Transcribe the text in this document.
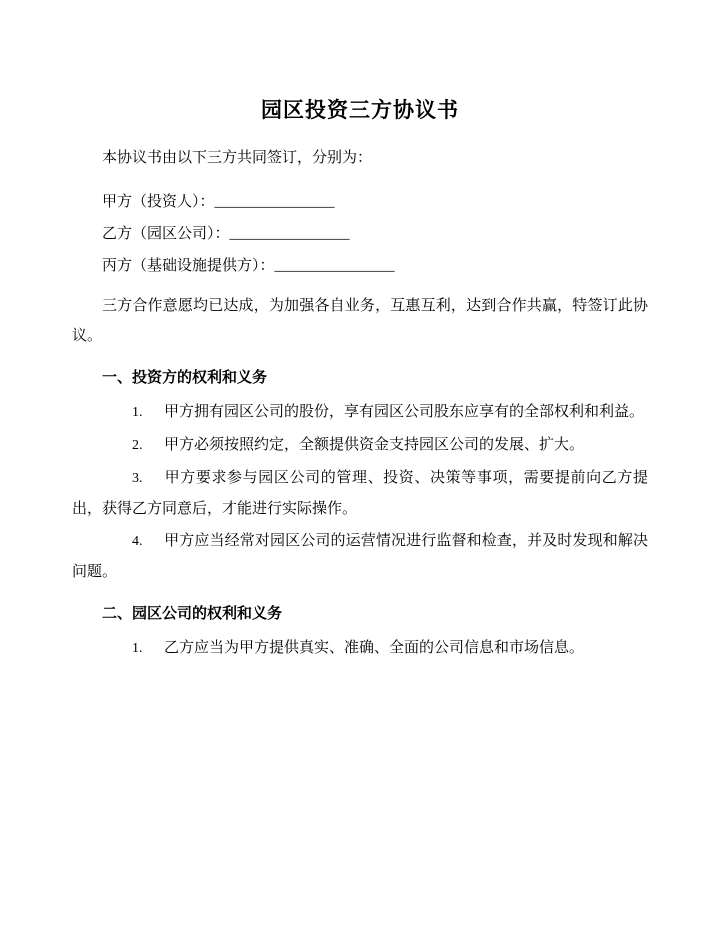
园区投资三方协议书

本协议书由以下三方共同签订，分别为：

甲方（投资人）：________________

乙方（园区公司）：________________

丙方（基础设施提供方）：________________

三方合作意愿均已达成，为加强各自业务，互惠互利，达到合作共赢，特签订此协议。

一、投资方的权利和义务

1. 甲方拥有园区公司的股份，享有园区公司股东应享有的全部权利和利益。

2. 甲方必须按照约定，全额提供资金支持园区公司的发展、扩大。

3. 甲方要求参与园区公司的管理、投资、决策等事项，需要提前向乙方提出，获得乙方同意后，才能进行实际操作。

4. 甲方应当经常对园区公司的运营情况进行监督和检查，并及时发现和解决问题。

二、园区公司的权利和义务

1. 乙方应当为甲方提供真实、准确、全面的公司信息和市场信息。
